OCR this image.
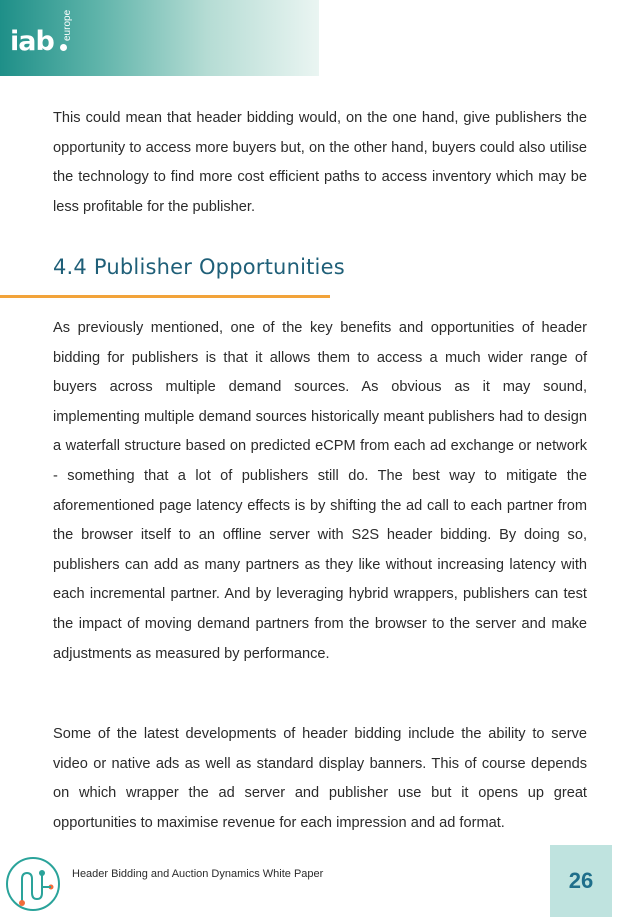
iab
europe

This could mean that header bidding would, on the one hand, give publishers the opportunity to access more buyers but, on the other hand, buyers could also utilise the technology to find more cost efficient paths to access inventory which may be less profitable for the publisher.

4.4 Publisher Opportunities

As previously mentioned, one of the key benefits and opportunities of header bidding for publishers is that it allows them to access a much wider range of buyers across multiple demand sources. As obvious as it may sound, implementing multiple demand sources historically meant publishers had to design a waterfall structure based on predicted eCPM from each ad exchange or network - something that a lot of publishers still do. The best way to mitigate the aforementioned page latency effects is by shifting the ad call to each partner from the browser itself to an offline server with S2S header bidding. By doing so, publishers can add as many partners as they like without increasing latency with each incremental partner. And by leveraging hybrid wrappers, publishers can test the impact of moving demand partners from the browser to the server and make adjustments as measured by performance.

Some of the latest developments of header bidding include the ability to serve video or native ads as well as standard display banners. This of course depends on which wrapper the ad server and publisher use but it opens up great opportunities to maximise revenue for each impression and ad format.

Header Bidding and Auction Dynamics White Paper	26
